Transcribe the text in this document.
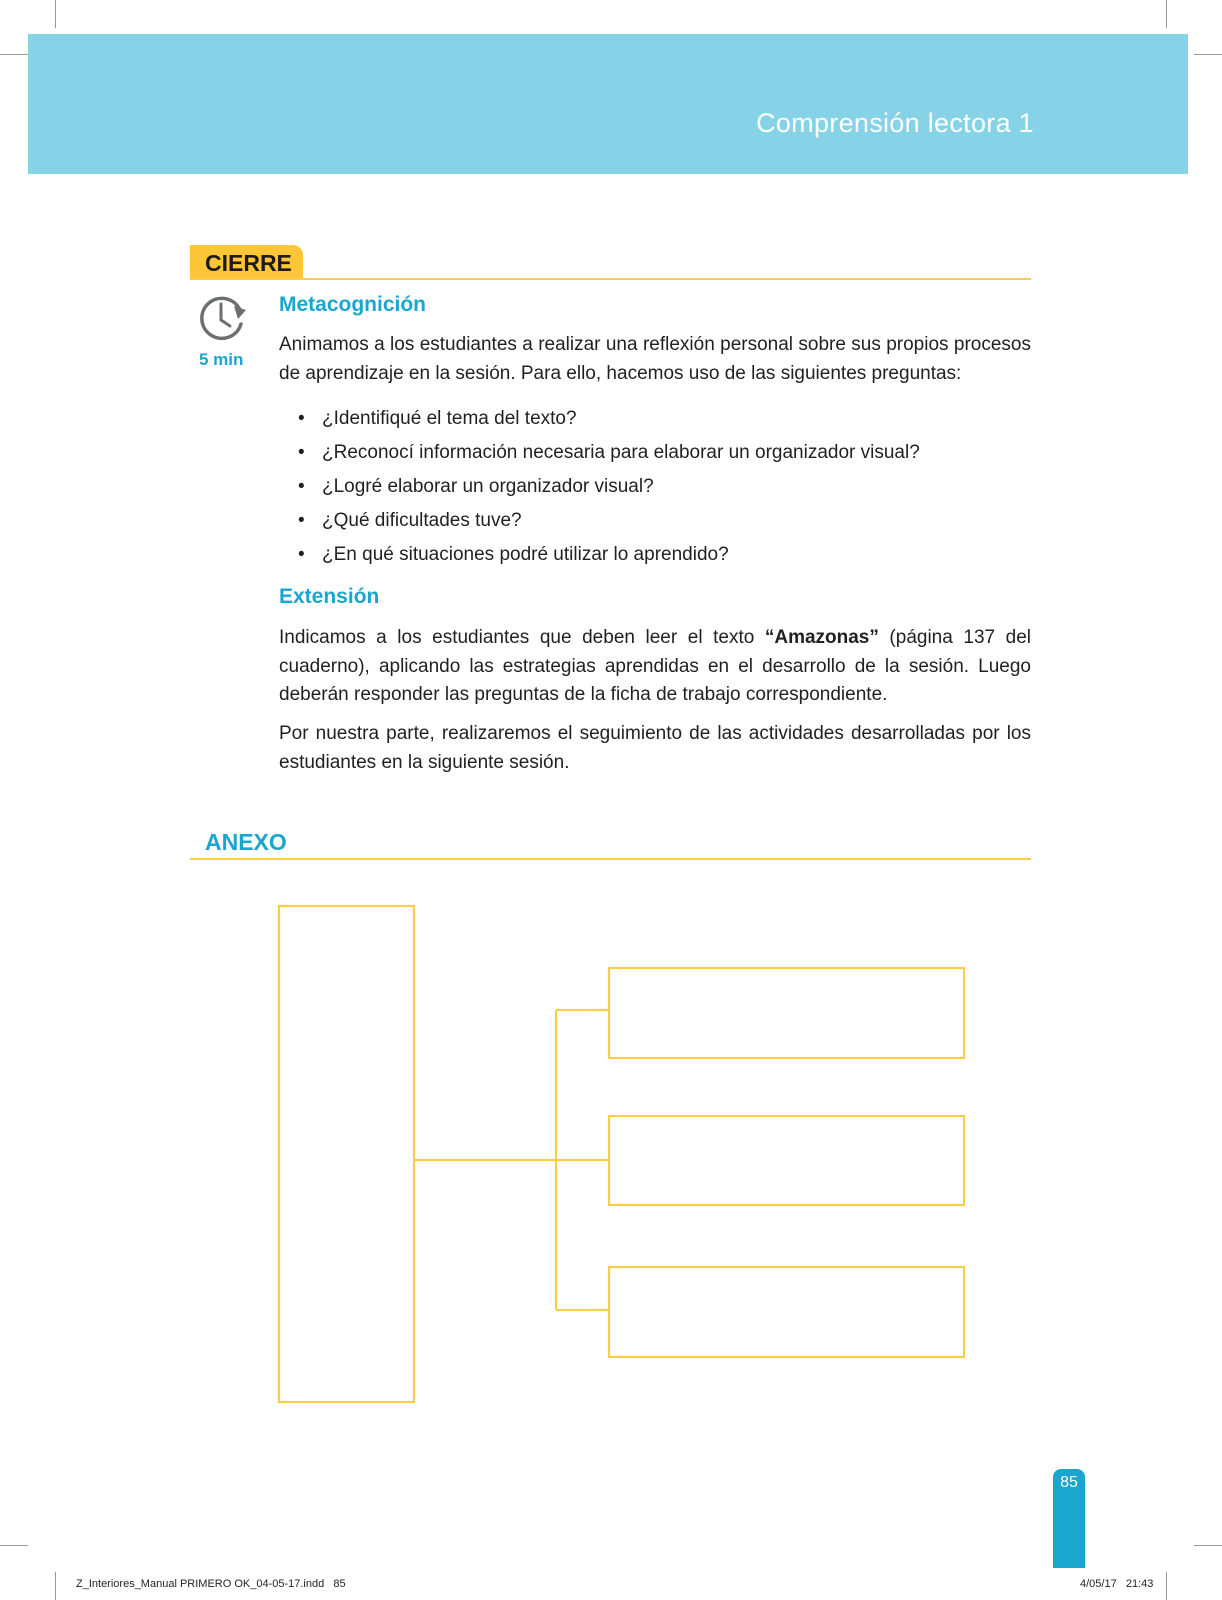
Comprensión lectora 1
CIERRE
5 min
Metacognición
Animamos a los estudiantes a realizar una reflexión personal sobre sus propios procesos de aprendizaje en la sesión. Para ello, hacemos uso de las siguientes preguntas:
• ¿Identifiqué el tema del texto?
• ¿Reconocí información necesaria para elaborar un organizador visual?
• ¿Logré elaborar un organizador visual?
• ¿Qué dificultades tuve?
• ¿En qué situaciones podré utilizar lo aprendido?
Extensión
Indicamos a los estudiantes que deben leer el texto “Amazonas” (página 137 del cuaderno), aplicando las estrategias aprendidas en el desarrollo de la sesión. Luego deberán responder las preguntas de la ficha de trabajo correspondiente.
Por nuestra parte, realizaremos el seguimiento de las actividades desarrolladas por los estudiantes en la siguiente sesión.
ANEXO
85
Z_Interiores_Manual PRIMERO OK_04-05-17.indd   85	4/05/17   21:43
